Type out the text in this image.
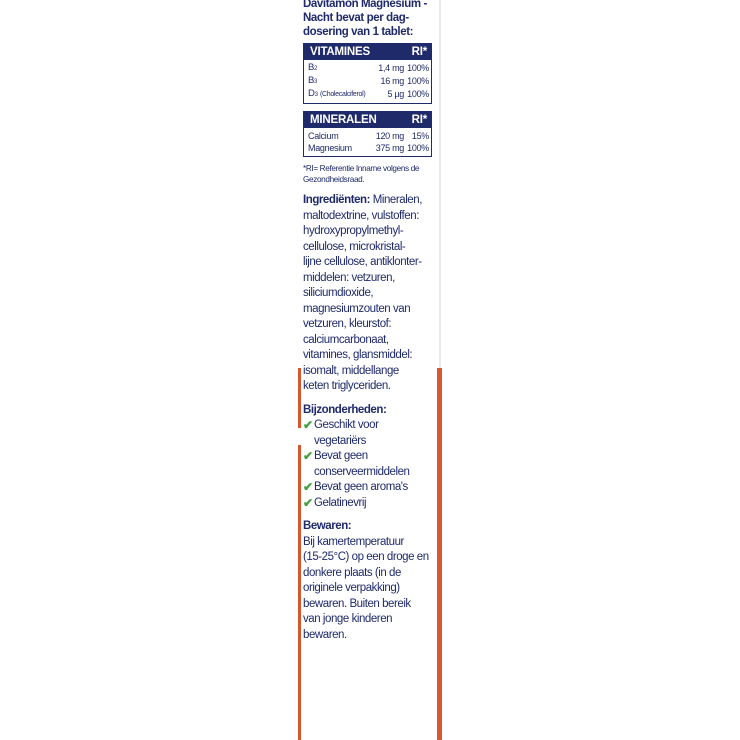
Davitamon Magnesium -
Nacht bevat per dag-
dosering van 1 tablet:
VITAMINES	RI*
B2	1,4 mg 100%
B3	16 mg 100%
D3 (Cholecalciferol)	5 µg 100%
MINERALEN	RI*
Calcium	120 mg 15%
Magnesium	375 mg 100%
*RI= Referentie Inname volgens de
Gezondheidsraad.
Ingrediënten: Mineralen,
maltodextrine, vulstoffen:
hydroxypropylmethyl-
cellulose, microkristal-
lijne cellulose, antiklonter-
middelen: vetzuren,
siliciumdioxide,
magnesiumzouten van
vetzuren, kleurstof:
calciumcarbonaat,
vitamines, glansmiddel:
isomalt, middellange
keten triglyceriden.
Bijzonderheden:
✔ Geschikt voor
vegetariërs
✔ Bevat geen
conserveermiddelen
✔ Bevat geen aroma's
✔ Gelatinevrij
Bewaren:
Bij kamertemperatuur
(15-25°C) op een droge en
donkere plaats (in de
originele verpakking)
bewaren. Buiten bereik
van jonge kinderen
bewaren.
